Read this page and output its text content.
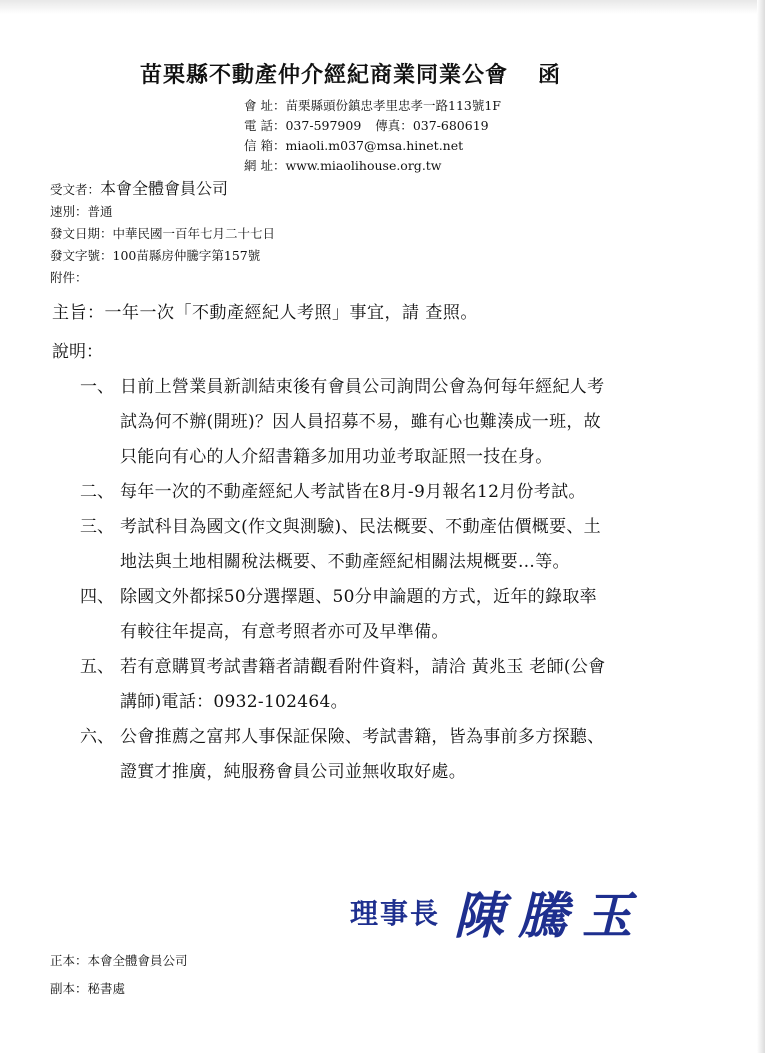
苗栗縣不動產仲介經紀商業同業公會 函
會 址：苗栗縣頭份鎮忠孝里忠孝一路113號1F
電 話：037-597909 傳真：037-680619
信 箱：miaoli.m037@msa.hinet.net
網 址：www.miaolihouse.org.tw
受文者：本會全體會員公司
速別：普通
發文日期：中華民國一百年七月二十七日
發文字號：100苗縣房仲騰字第157號
附件：
主旨：一年一次「不動產經紀人考照」事宜，請 查照。
說明：
一、 日前上營業員新訓結束後有會員公司詢問公會為何每年經紀人考
試為何不辦(開班)？因人員招募不易，雖有心也難湊成一班，故
只能向有心的人介紹書籍多加用功並考取証照一技在身。
二、 每年一次的不動產經紀人考試皆在8月-9月報名12月份考試。
三、 考試科目為國文(作文與測驗)、民法概要、不動產估價概要、土
地法與土地相關稅法概要、不動產經紀相關法規概要…等。
四、 除國文外都採50分選擇題、50分申論題的方式，近年的錄取率
有較往年提高，有意考照者亦可及早準備。
五、 若有意購買考試書籍者請觀看附件資料，請洽 黃兆玉 老師(公會
講師)電話：0932-102464。
六、 公會推薦之富邦人事保証保險、考試書籍，皆為事前多方探聽、
證實才推廣，純服務會員公司並無收取好處。
理事長 陳騰玉
正本：本會全體會員公司
副本：秘書處
